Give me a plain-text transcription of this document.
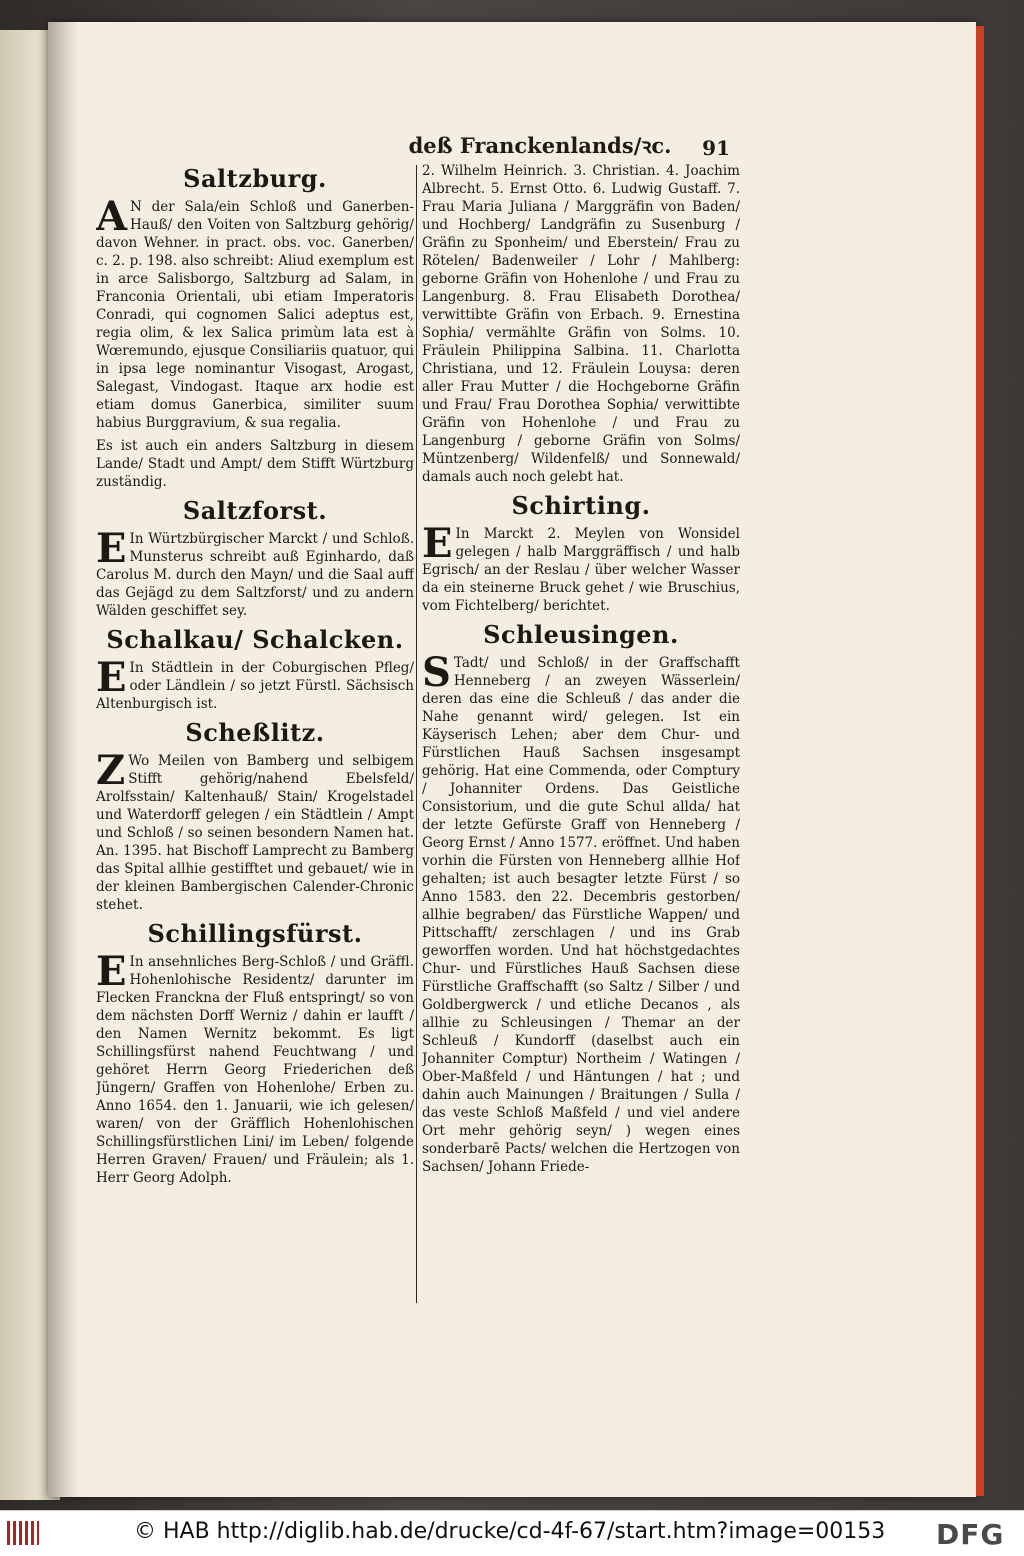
deß Franckenlands/ꝛc.	91
Saltzburg.

AN der Sala/ein Schloß und Ganerben-Hauß/ den Voiten von Saltzburg gehörig/ davon Wehner. in pract. obs. voc. Ganerben/ c. 2. p. 198. also schreibt: Aliud exemplum est in arce Salisborgo, Saltzburg ad Salam, in Franconia Orientali, ubi etiam Imperatoris Conradi, qui cognomen Salici adeptus est, regia olim, & lex Salica primùm lata est à Wœremundo, ejusque Consiliariis quatuor, qui in ipsa lege nominantur Visogast, Arogast, Salegast, Vindogast. Itaque arx hodie est etiam domus Ganerbica, similiter suum habius Burggravium, & sua regalia.

Es ist auch ein anders Saltzburg in diesem Lande/ Stadt und Ampt/ dem Stifft Würtzburg zuständig.

Saltzforst.

EIn Würtzbürgischer Marckt / und Schloß. Munsterus schreibt auß Eginhardo, daß Carolus M. durch den Mayn/ und die Saal auff das Gejägd zu dem Saltzforst/ und zu andern Wälden geschiffet sey.

Schalkau/ Schalcken.

EIn Städtlein in der Coburgischen Pfleg/ oder Ländlein / so jetzt Fürstl. Sächsisch Altenburgisch ist.

Scheßlitz.

ZWo Meilen von Bamberg und selbigem Stifft gehörig/nahend Ebelsfeld/ Arolfsstain/ Kaltenhauß/ Stain/ Krogelstadel und Waterdorff gelegen / ein Städtlein / Ampt und Schloß / so seinen besondern Namen hat. An. 1395. hat Bischoff Lamprecht zu Bamberg das Spital allhie gestifftet und gebauet/ wie in der kleinen Bambergischen Calender-Chronic stehet.

Schillingsfürst.

EIn ansehnliches Berg-Schloß / und Gräffl. Hohenlohische Residentz/ darunter im Flecken Franckna der Fluß entspringt/ so von dem nächsten Dorff Werniz / dahin er laufft / den Namen Wernitz bekommt. Es ligt Schillingsfürst nahend Feuchtwang / und gehöret Herrn Georg Friederichen deß Jüngern/ Graffen von Hohenlohe/ Erben zu. Anno 1654. den 1. Januarii, wie ich gelesen/ waren/ von der Gräfflich Hohenlohischen Schillingsfürstlichen Lini/ im Leben/ folgende Herren Graven/ Frauen/ und Fräulein; als 1. Herr Georg Adolph.

2. Wilhelm Heinrich. 3. Christian. 4. Joachim Albrecht. 5. Ernst Otto. 6. Ludwig Gustaff. 7. Frau Maria Juliana / Marggräfin von Baden/ und Hochberg/ Landgräfin zu Susenburg / Gräfin zu Sponheim/ und Eberstein/ Frau zu Rötelen/ Badenweiler / Lohr / Mahlberg: geborne Gräfin von Hohenlohe / und Frau zu Langenburg. 8. Frau Elisabeth Dorothea/ verwittibte Gräfin von Erbach. 9. Ernestina Sophia/ vermählte Gräfin von Solms. 10. Fräulein Philippina Salbina. 11. Charlotta Christiana, und 12. Fräulein Louysa: deren aller Frau Mutter / die Hochgeborne Gräfin und Frau/ Frau Dorothea Sophia/ verwittibte Gräfin von Hohenlohe / und Frau zu Langenburg / geborne Gräfin von Solms/ Müntzenberg/ Wildenfelß/ und Sonnewald/ damals auch noch gelebt hat.

Schirting.

EIn Marckt 2. Meylen von Wonsidel gelegen / halb Marggräffisch / und halb Egrisch/ an der Reslau / über welcher Wasser da ein steinerne Bruck gehet / wie Bruschius, vom Fichtelberg/ berichtet.

Schleusingen.

STadt/ und Schloß/ in der Graffschafft Henneberg / an zweyen Wässerlein/ deren das eine die Schleuß / das ander die Nahe genannt wird/ gelegen. Ist ein Käyserisch Lehen; aber dem Chur- und Fürstlichen Hauß Sachsen insgesampt gehörig. Hat eine Commenda, oder Comptury / Johanniter Ordens. Das Geistliche Consistorium, und die gute Schul allda/ hat der letzte Gefürste Graff von Henneberg / Georg Ernst / Anno 1577. eröffnet. Und haben vorhin die Fürsten von Henneberg allhie Hof gehalten; ist auch besagter letzte Fürst / so Anno 1583. den 22. Decembris gestorben/ allhie begraben/ das Fürstliche Wappen/ und Pittschafft/ zerschlagen / und ins Grab geworffen worden. Und hat höchstgedachtes Chur- und Fürstliches Hauß Sachsen diese Fürstliche Graffschafft (so Saltz / Silber / und Goldbergwerck / und etliche Decanos , als allhie zu Schleusingen / Themar an der Schleuß / Kundorff (daselbst auch ein Johanniter Comptur) Northeim / Watingen / Ober-Maßfeld / und Häntungen / hat ; und dahin auch Mainungen / Braitungen / Sulla / das veste Schloß Maßfeld / und viel andere Ort mehr gehörig seyn/ ) wegen eines sonderbarē Pacts/ welchen die Hertzogen von Sachsen/ Johann Friede-

© HAB http://diglib.hab.de/drucke/cd-4f-67/start.htm?image=00153 DFG
